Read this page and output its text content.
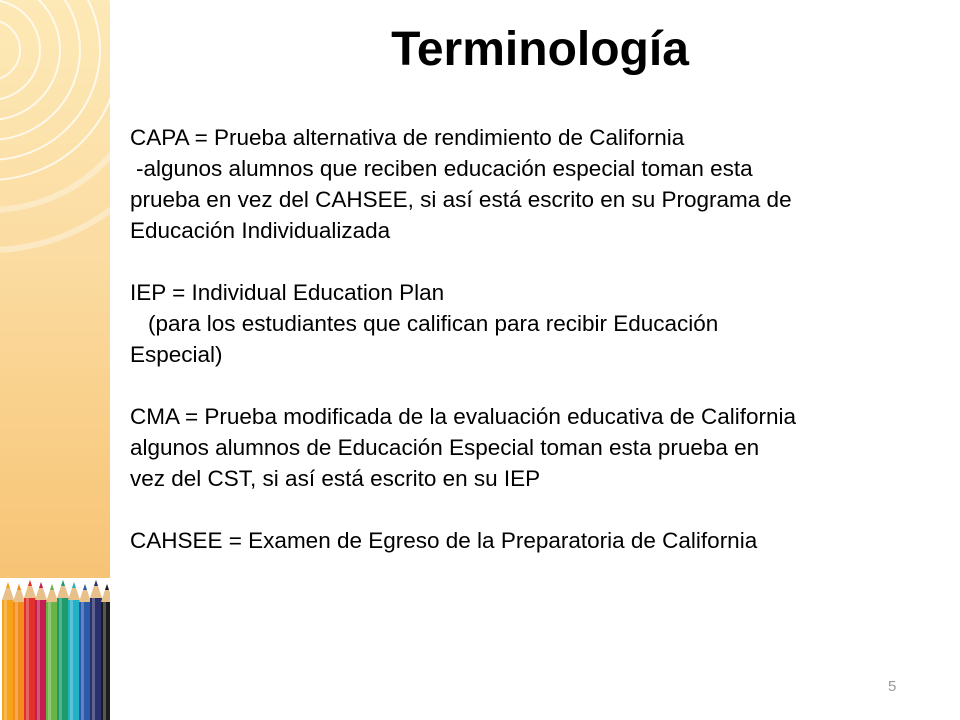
Terminología

CAPA = Prueba alternativa de rendimiento de California

-algunos alumnos que reciben educación especial toman esta

prueba en vez del CAHSEE, si así está escrito en su Programa de

Educación Individualizada

IEP = Individual Education Plan

(para los estudiantes que califican para recibir Educación

Especial)

CMA = Prueba modificada de la evaluación educativa de California

algunos alumnos de Educación Especial toman esta prueba en

vez del CST, si así está escrito en su IEP

CAHSEE = Examen de Egreso de la Preparatoria de California

5
